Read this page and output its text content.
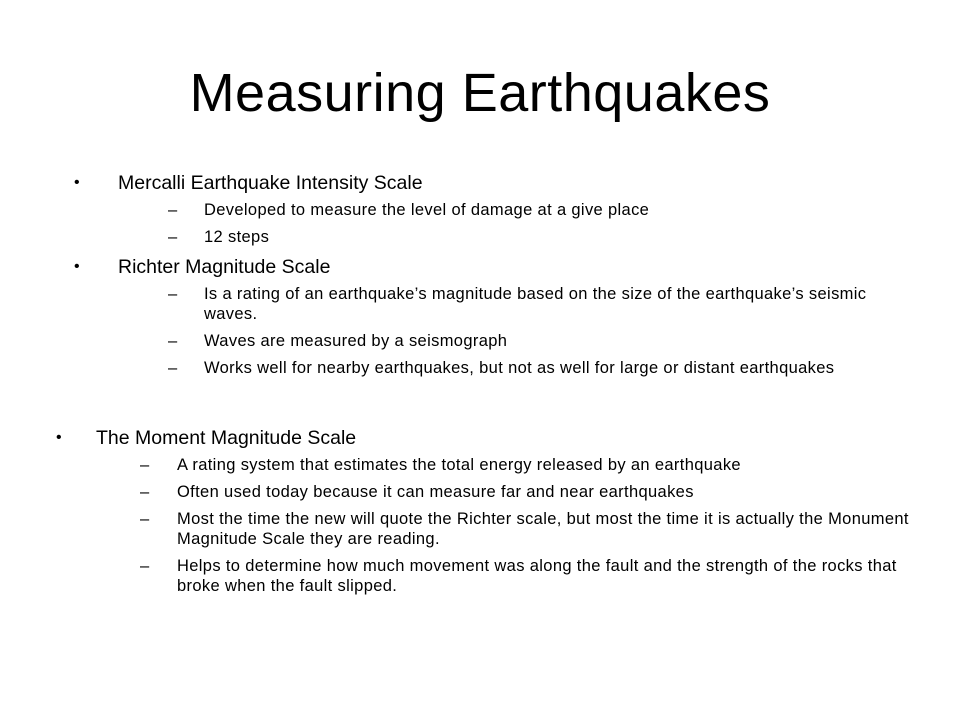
Measuring Earthquakes
• Mercalli Earthquake Intensity Scale
– Developed to measure the level of damage at a give place
– 12 steps
• Richter Magnitude Scale
– Is a rating of an earthquake’s magnitude based on the size of the earthquake’s seismic waves.
– Waves are measured by a seismograph
– Works well for nearby earthquakes, but not as well for large or distant earthquakes
• The Moment Magnitude Scale
– A rating system that estimates the total energy released by an earthquake
– Often used today because it can measure far and near earthquakes
– Most the time the new will quote the Richter scale, but most the time it is actually the Monument Magnitude Scale they are reading.
– Helps to determine how much movement was along the fault and the strength of the rocks that broke when the fault slipped.
